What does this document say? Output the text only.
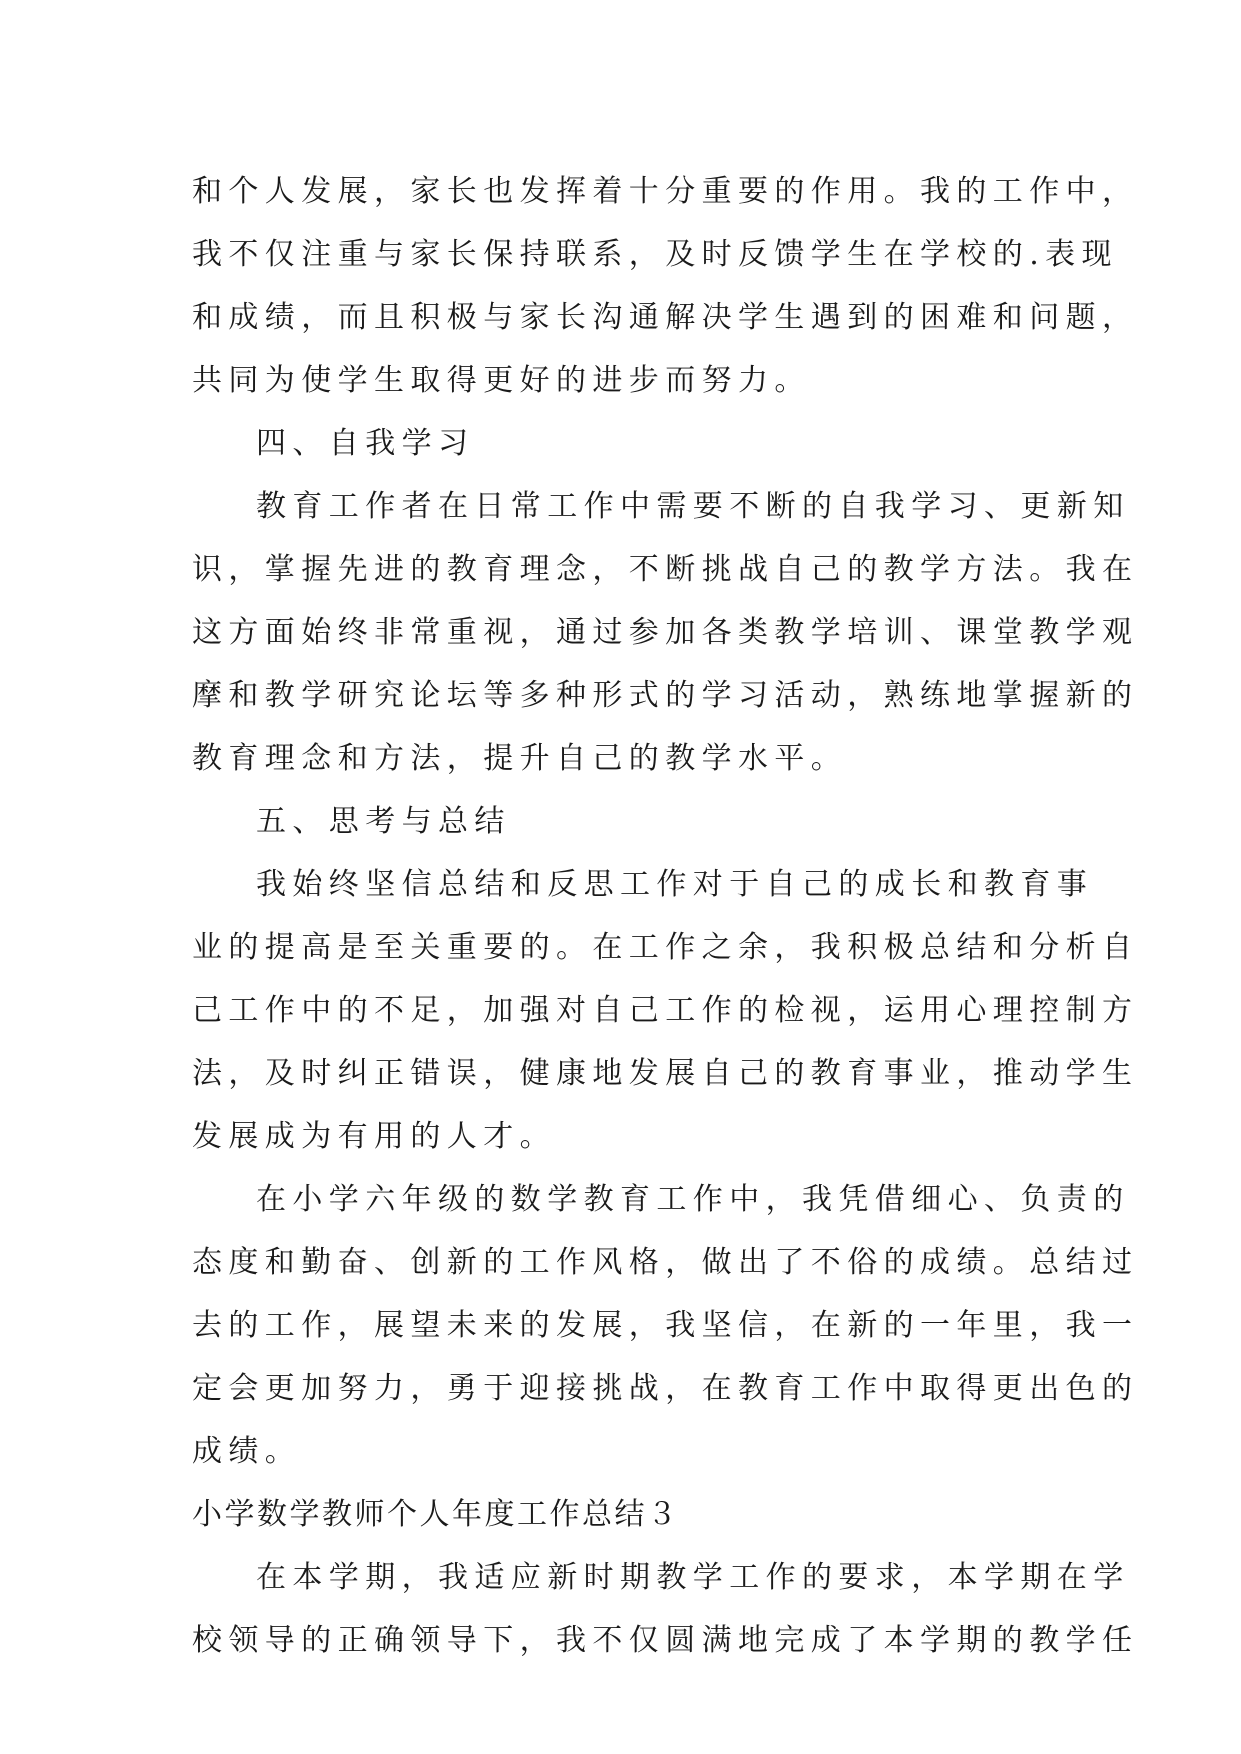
和个人发展，家长也发挥着十分重要的作用。我的工作中，
我不仅注重与家长保持联系，及时反馈学生在学校的.表现
和成绩，而且积极与家长沟通解决学生遇到的困难和问题，
共同为使学生取得更好的进步而努力。
四、自我学习
教育工作者在日常工作中需要不断的自我学习、更新知
识，掌握先进的教育理念，不断挑战自己的教学方法。我在
这方面始终非常重视，通过参加各类教学培训、课堂教学观
摩和教学研究论坛等多种形式的学习活动，熟练地掌握新的
教育理念和方法，提升自己的教学水平。
五、思考与总结
我始终坚信总结和反思工作对于自己的成长和教育事
业的提高是至关重要的。在工作之余，我积极总结和分析自
己工作中的不足，加强对自己工作的检视，运用心理控制方
法，及时纠正错误，健康地发展自己的教育事业，推动学生
发展成为有用的人才。
在小学六年级的数学教育工作中，我凭借细心、负责的
态度和勤奋、创新的工作风格，做出了不俗的成绩。总结过
去的工作，展望未来的发展，我坚信，在新的一年里，我一
定会更加努力，勇于迎接挑战，在教育工作中取得更出色的
成绩。
小学数学教师个人年度工作总结３
在本学期，我适应新时期教学工作的要求，本学期在学
校领导的正确领导下，我不仅圆满地完成了本学期的教学任
